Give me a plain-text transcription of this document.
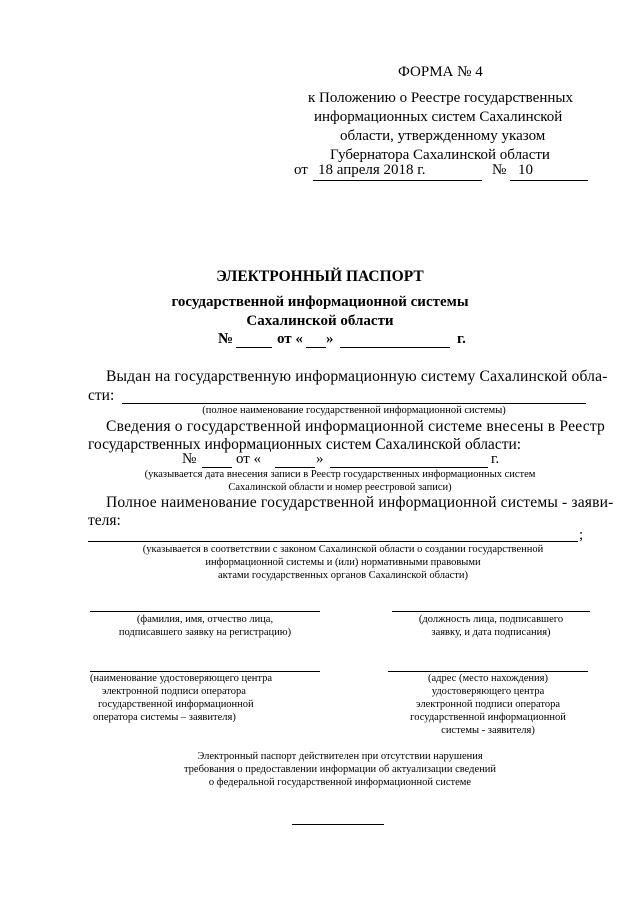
ФОРМА № 4
к Положению о Реестре государственных
информационных систем Сахалинской
области, утвержденному указом
Губернатора Сахалинской области
от 18 апреля 2018 г.	№ 10
ЭЛЕКТРОННЫЙ ПАСПОРТ
государственной информационной системы
Сахалинской области
№	от « »	г.
Выдан на государственную информационную систему Сахалинской обла-
сти:
(полное наименование государственной информационной системы)
Сведения о государственной информационной системе внесены в Реестр
государственных информационных систем Сахалинской области:
№	от «	»	г.
(указывается дата внесения записи в Реестр государственных информационных систем
Сахалинской области и номер реестровой записи)
Полное наименование государственной информационной системы - заяви-
теля:
;
(указывается в соответствии с законом Сахалинской области о создании государственной
информационной системы и (или) нормативными правовыми
актами государственных органов Сахалинской области)
(фамилия, имя, отчество лица,
подписавшего заявку на регистрацию)
(должность лица, подписавшего
заявку, и дата подписания)
(наименование удостоверяющего центра
электронной подписи оператора
государственной информационной
оператора системы – заявителя)
(адрес (место нахождения)
удостоверяющего центра
электронной подписи оператора
государственной информационной
системы - заявителя)
Электронный паспорт действителен при отсутствии нарушения
требования о предоставлении информации об актуализации сведений
о федеральной государственной информационной системе
